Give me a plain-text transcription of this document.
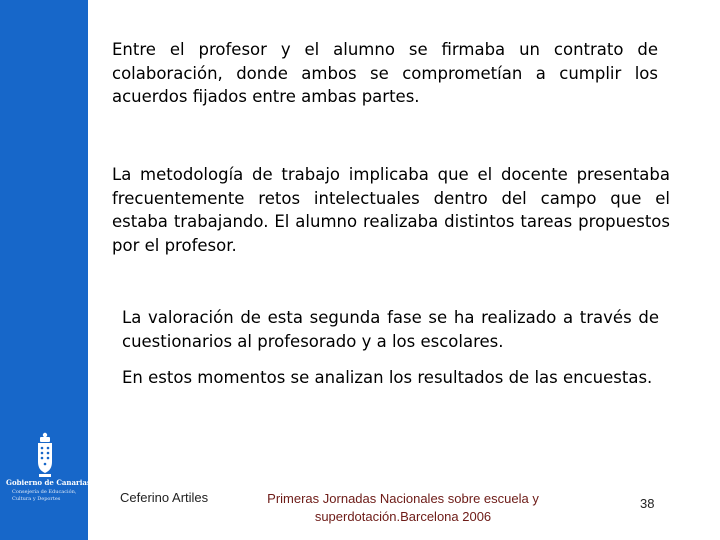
Gobierno de Canarias
Consejería de Educación,
Cultura y Deportes

Entre el profesor y el alumno se firmaba un contrato de colaboración, donde ambos se comprometían a cumplir los acuerdos fijados entre ambas partes.

La metodología de trabajo implicaba que el docente presentaba frecuentemente retos intelectuales dentro del campo que el estaba trabajando. El alumno realizaba distintos tareas propuestos por el profesor.

La valoración de esta segunda fase se ha realizado a través de cuestionarios al profesorado y a los escolares.

En estos momentos se analizan los resultados de las encuestas.

Ceferino Artiles	Primeras Jornadas Nacionales sobre escuela y
superdotación.Barcelona 2006
38
